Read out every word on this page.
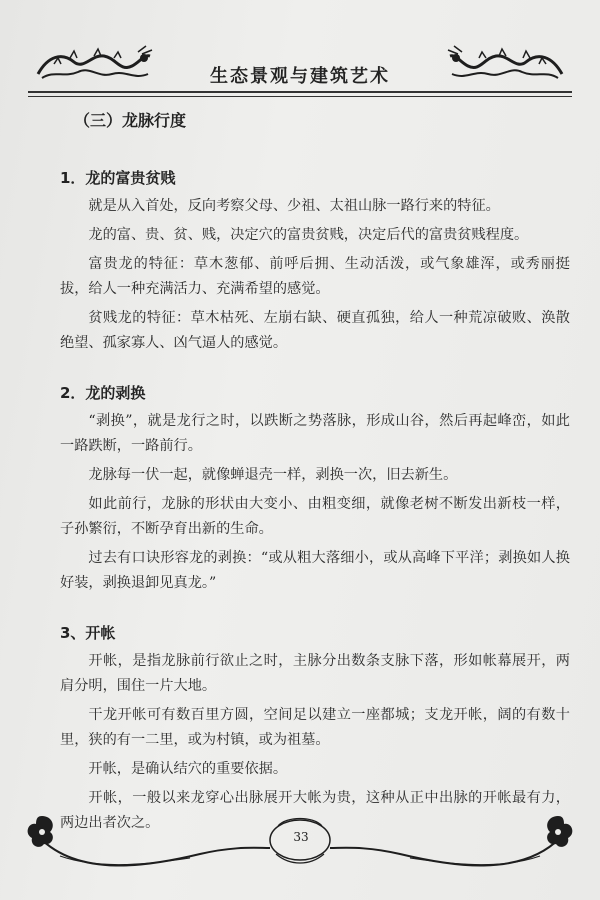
生态景观与建筑艺术
（三）龙脉行度
1．龙的富贵贫贱

就是从入首处，反向考察父母、少祖、太祖山脉一路行来的特征。

龙的富、贵、贫、贱，决定穴的富贵贫贱，决定后代的富贵贫贱程度。

富贵龙的特征：草木葱郁、前呼后拥、生动活泼，或气象雄浑，或秀丽挺拔，给人一种充满活力、充满希望的感觉。

贫贱龙的特征：草木枯死、左崩右缺、硬直孤独，给人一种荒凉破败、涣散绝望、孤家寡人、凶气逼人的感觉。

2．龙的剥换

“剥换”，就是龙行之时，以跌断之势落脉，形成山谷，然后再起峰峦，如此一路跌断，一路前行。

龙脉每一伏一起，就像蝉退壳一样，剥换一次，旧去新生。

如此前行，龙脉的形状由大变小、由粗变细，就像老树不断发出新枝一样，子孙繁衍，不断孕育出新的生命。

过去有口诀形容龙的剥换：“或从粗大落细小，或从高峰下平洋；剥换如人换好装，剥换退卸见真龙。”

3、开帐

开帐，是指龙脉前行欲止之时，主脉分出数条支脉下落，形如帐幕展开，两肩分明，围住一片大地。

干龙开帐可有数百里方圆，空间足以建立一座都城；支龙开帐，阔的有数十里，狭的有一二里，或为村镇，或为祖墓。

开帐，是确认结穴的重要依据。

开帐，一般以来龙穿心出脉展开大帐为贵，这种从正中出脉的开帐最有力，两边出者次之。

33
